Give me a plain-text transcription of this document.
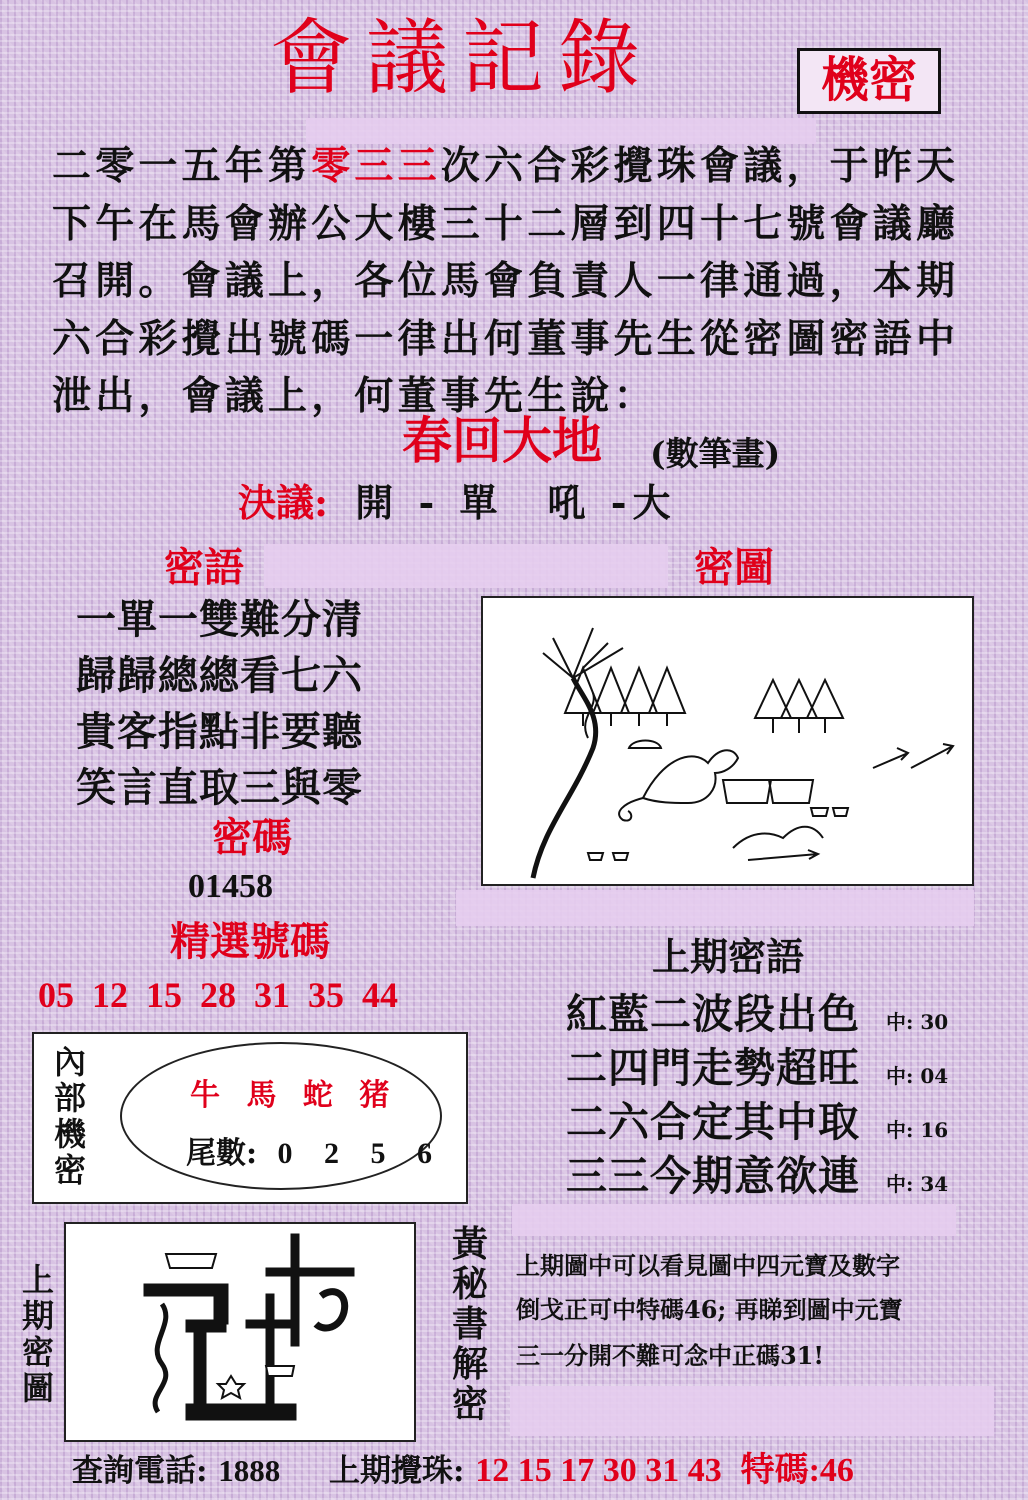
會議記錄	機密
二零一五年第零三三次六合彩攪珠會議，于昨天
下午在馬會辦公大樓三十二層到四十七號會議廳
召開。會議上，各位馬會負責人一律通過，本期
六合彩攪出號碼一律出何董事先生從密圖密語中
泄出，會議上，何董事先生說：
春回大地 (數筆畫)
決議: 開 - 單　吼 -大
密語
一單一雙難分清
歸歸總總看七六
貴客指點非要聽
笑言直取三與零
密碼
01458
精選號碼
05  12  15  28  31  35  44
密圖
上期密語
紅藍二波段出色 中: 30
二四門走勢超旺 中: 04
二六合定其中取 中: 16
三三今期意欲連 中: 34
內部機密
牛 馬 蛇 猪
尾數: 0 2 5 6
上期密圖
黃秘書解密
上期圖中可以看見圖中四元寶及數字
倒戈正可中特碼46; 再睇到圖中元寶
三一分開不難可念中正碼31!
查詢電話: 1888 上期攪珠: 12 15 17 30 31 43 特碼:46
